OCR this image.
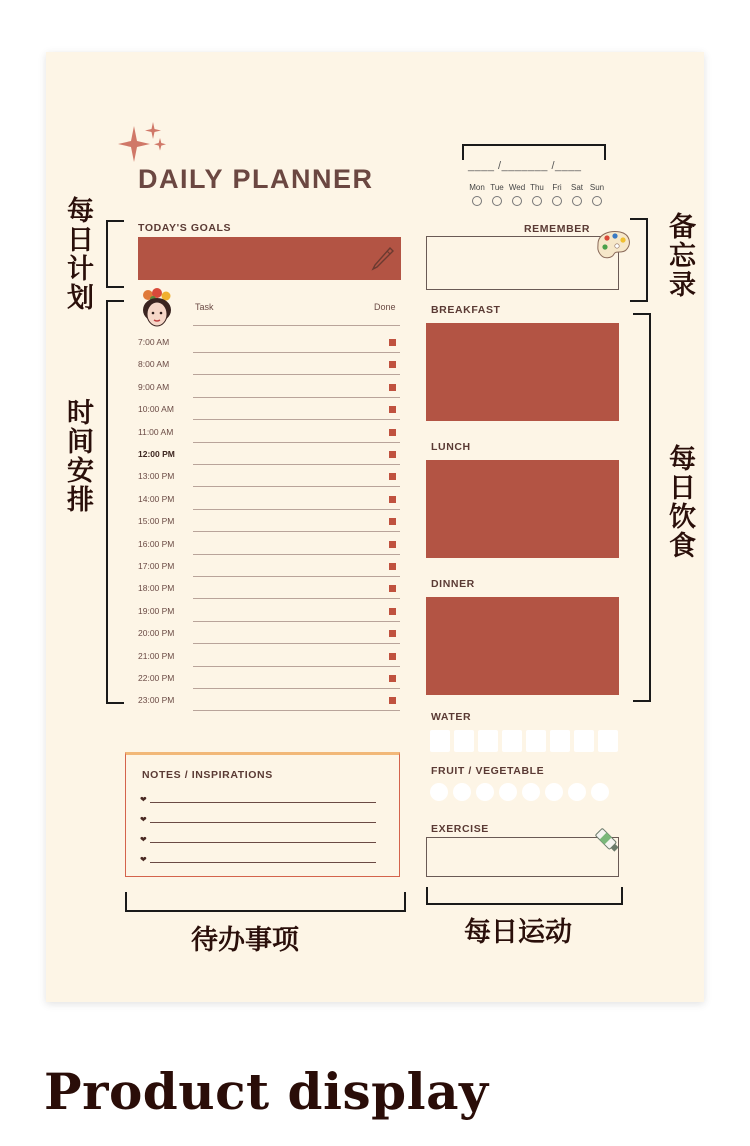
DAILY PLANNER	____ /_______ /____
Mon Tue Wed Thu	Fri	Sat Sun
每日计划	TODAY'S GOALS
时间安排
Task	Done
7:00 AM
8:00 AM
9:00 AM
10:00 AM
11:00 AM
12:00 PM
13:00 PM
14:00 PM
15:00 PM
16:00 PM
17:00 PM
18:00 PM
19:00 PM
20:00 PM
21:00 PM
22:00 PM
23:00 PM
NOTES / INSPIRATIONS
❤
❤
❤
❤
待办事项
REMEMBER	备忘录
BREAKFAST
LUNCH
DINNER
每日饮食
WATER
FRUIT / VEGETABLE
EXERCISE
每日运动
Product display
